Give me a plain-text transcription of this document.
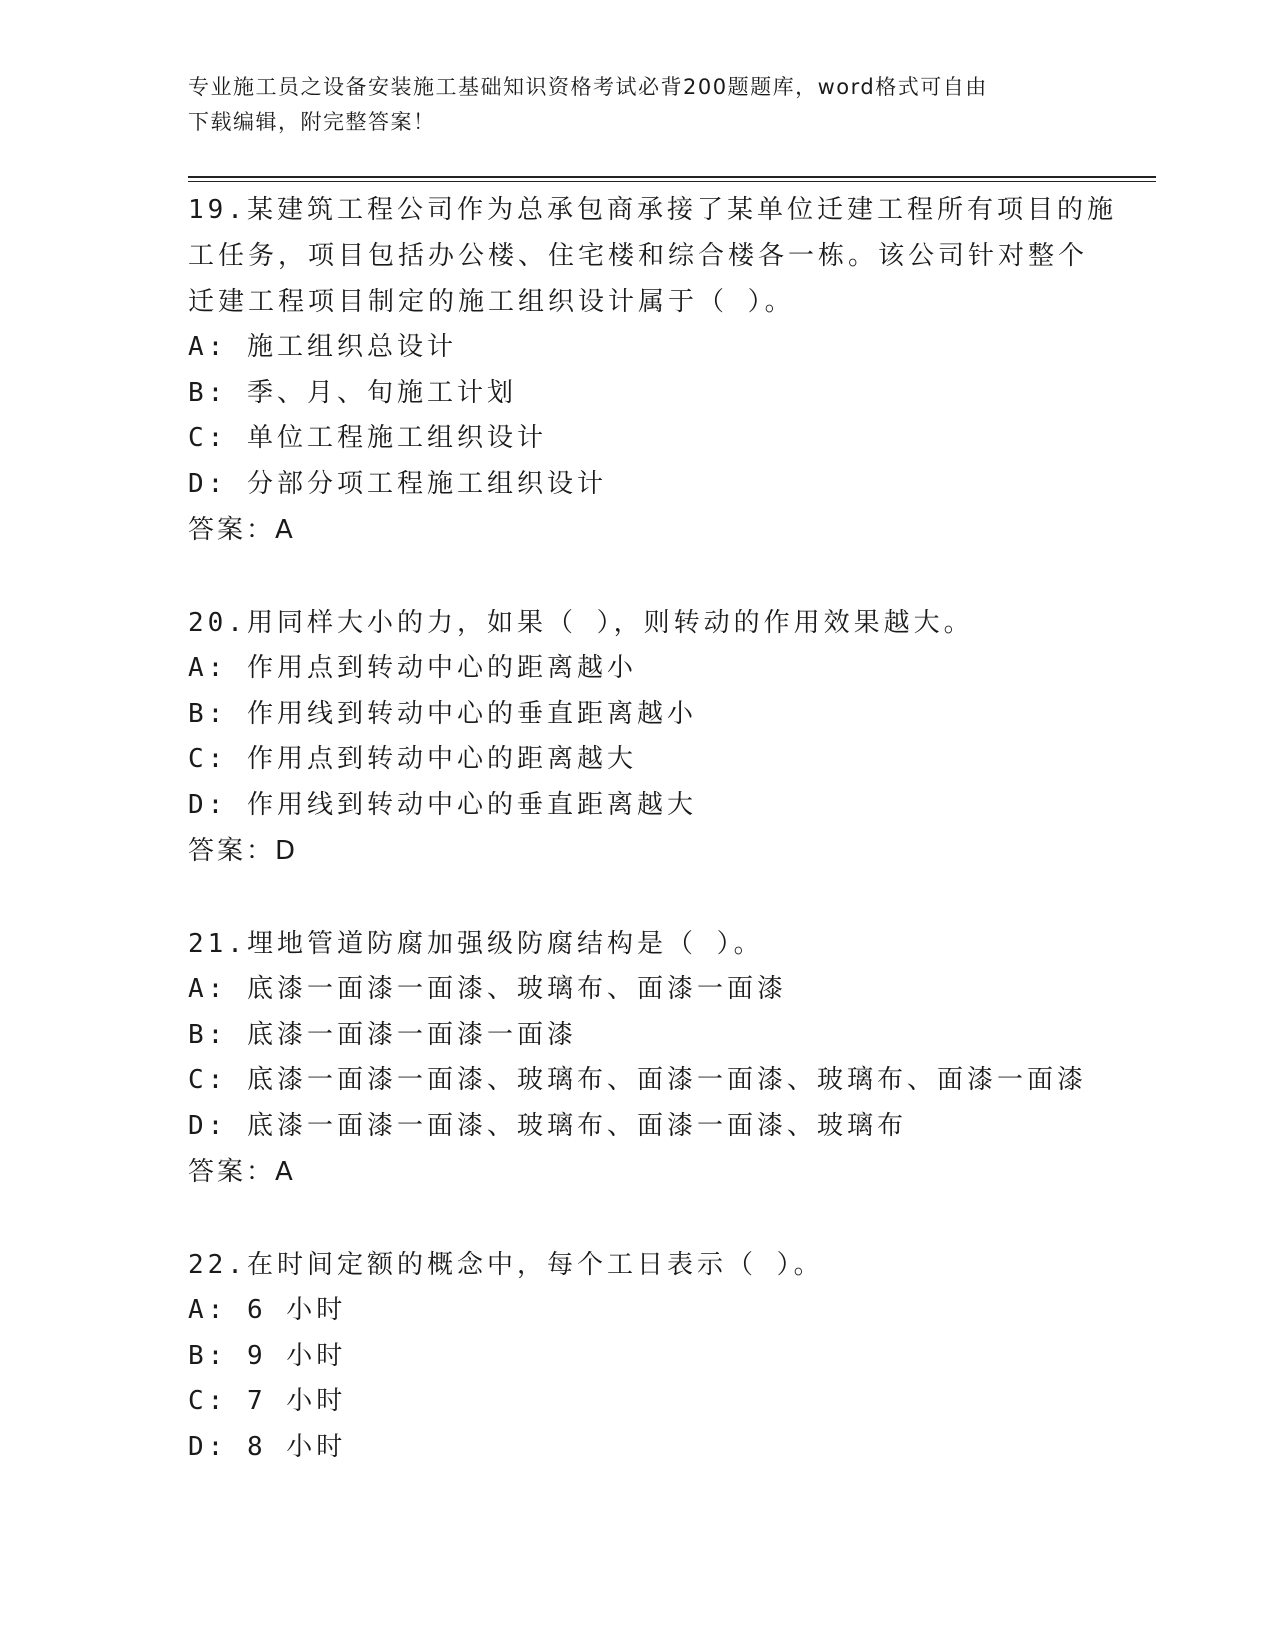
专业施工员之设备安装施工基础知识资格考试必背200题题库，word格式可自由
下载编辑，附完整答案！
19.某建筑工程公司作为总承包商承接了某单位迁建工程所有项目的施
工任务，项目包括办公楼、住宅楼和综合楼各一栋。该公司针对整个
迁建工程项目制定的施工组织设计属于（ ）。
A: 施工组织总设计
B: 季、月、旬施工计划
C: 单位工程施工组织设计
D: 分部分项工程施工组织设计
答案：A
20.用同样大小的力，如果（ ），则转动的作用效果越大。
A: 作用点到转动中心的距离越小
B: 作用线到转动中心的垂直距离越小
C: 作用点到转动中心的距离越大
D: 作用线到转动中心的垂直距离越大
答案：D
21.埋地管道防腐加强级防腐结构是（ ）。
A: 底漆一面漆一面漆、玻璃布、面漆一面漆
B: 底漆一面漆一面漆一面漆
C: 底漆一面漆一面漆、玻璃布、面漆一面漆、玻璃布、面漆一面漆
D: 底漆一面漆一面漆、玻璃布、面漆一面漆、玻璃布
答案：A
22.在时间定额的概念中，每个工日表示（ ）。
A: 6 小时
B: 9 小时
C: 7 小时
D: 8 小时
